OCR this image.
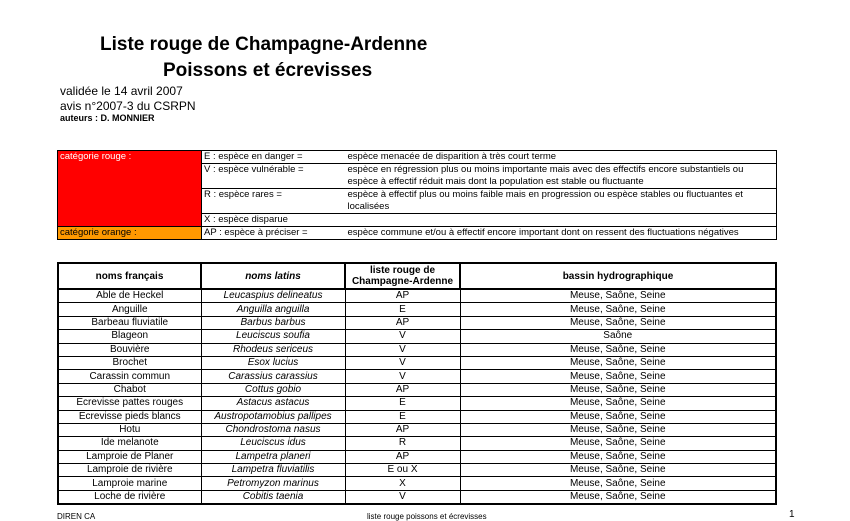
Liste rouge de Champagne-Ardenne
Poissons et écrevisses
validée le 14 avril 2007
avis n°2007-3 du CSRPN
auteurs : D. MONNIER
catégorie rouge :	E : espèce en danger =	espèce menacée de disparition à très court terme
	V : espèce vulnérable =	espèce en régression plus ou moins importante mais avec des effectifs encore substantiels ou espèce à effectif réduit mais dont la population est stable ou fluctuante
	R : espèce rares =	espèce à effectif plus ou moins faible mais en progression ou espèce stables ou fluctuantes et localisées
	X : espèce disparue	
catégorie orange :	AP : espèce à préciser =	espèce commune et/ou à effectif encore important dont on ressent des fluctuations négatives
noms français	noms latins	liste rouge de Champagne-Ardenne	bassin hydrographique
Able de Heckel	Leucaspius delineatus	AP	Meuse, Saône, Seine
Anguille	Anguilla anguilla	E	Meuse, Saône, Seine
Barbeau fluviatile	Barbus barbus	AP	Meuse, Saône, Seine
Blageon	Leuciscus soufia	V	Saône
Bouvière	Rhodeus sericeus	V	Meuse, Saône, Seine
Brochet	Esox lucius	V	Meuse, Saône, Seine
Carassin commun	Carassius carassius	V	Meuse, Saône, Seine
Chabot	Cottus gobio	AP	Meuse, Saône, Seine
Ecrevisse pattes rouges	Astacus astacus	E	Meuse, Saône, Seine
Ecrevisse pieds blancs	Austropotamobius pallipes	E	Meuse, Saône, Seine
Hotu	Chondrostoma nasus	AP	Meuse, Saône, Seine
Ide melanote	Leuciscus idus	R	Meuse, Saône, Seine
Lamproie de Planer	Lampetra planeri	AP	Meuse, Saône, Seine
Lamproie de rivière	Lampetra fluviatilis	E ou X	Meuse, Saône, Seine
Lamproie marine	Petromyzon marinus	X	Meuse, Saône, Seine
Loche de rivière	Cobitis taenia	V	Meuse, Saône, Seine
DIREN CA	liste rouge poissons et écrevisses	1
